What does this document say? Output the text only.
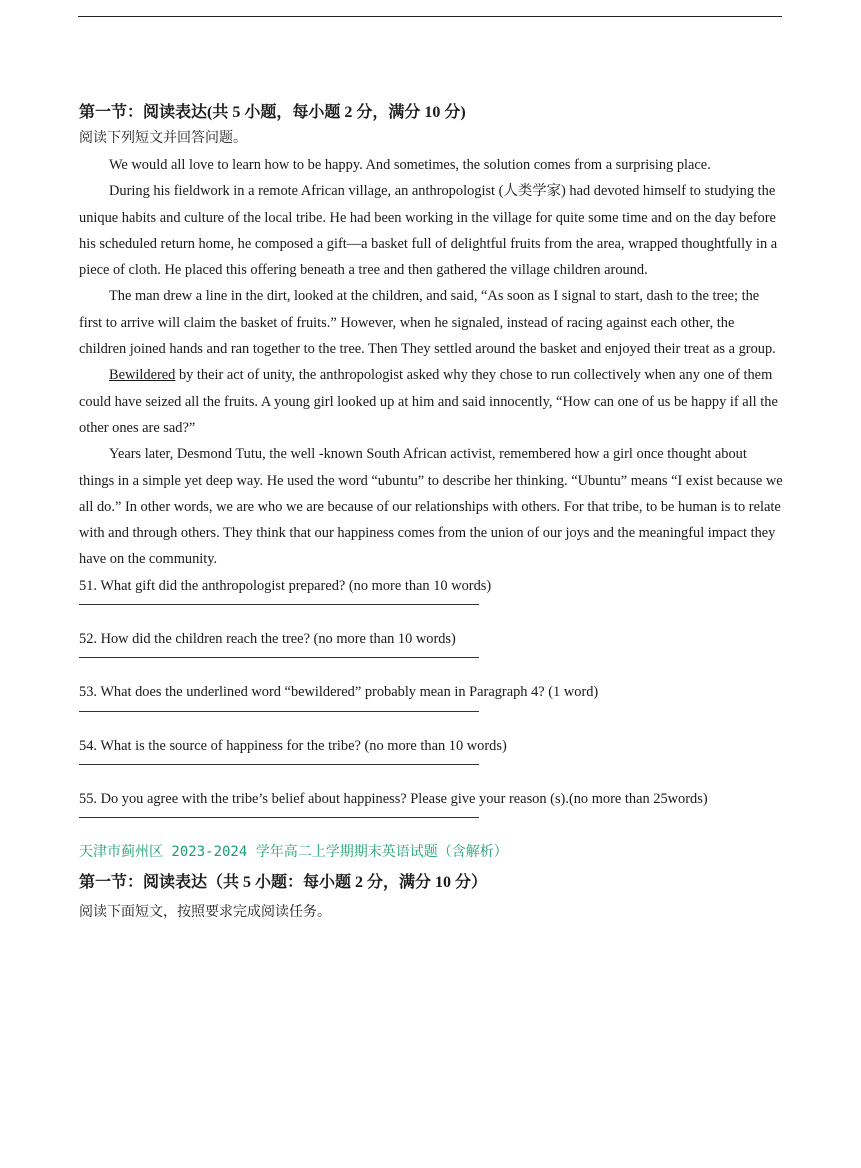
第一节：阅读表达(共 5 小题，每小题 2 分，满分 10 分)

阅读下列短文并回答问题。

We would all love to learn how to be happy. And sometimes, the solution comes from a surprising place.

During his fieldwork in a remote African village, an anthropologist (人类学家) had devoted himself to studying the unique habits and culture of the local tribe. He had been working in the village for quite some time and on the day before his scheduled return home, he composed a gift—a basket full of delightful fruits from the area, wrapped thoughtfully in a piece of cloth. He placed this offering beneath a tree and then gathered the village children around.

The man drew a line in the dirt, looked at the children, and said, “As soon as I signal to start, dash to the tree; the first to arrive will claim the basket of fruits.” However, when he signaled, instead of racing against each other, the children joined hands and ran together to the tree. Then They settled around the basket and enjoyed their treat as a group.

Bewildered by their act of unity, the anthropologist asked why they chose to run collectively when any one of them could have seized all the fruits. A young girl looked up at him and said innocently, “How can one of us be happy if all the other ones are sad?”

Years later, Desmond Tutu, the well -known South African activist, remembered how a girl once thought about things in a simple yet deep way. He used the word “ubuntu” to describe her thinking. “Ubuntu” means “I exist because we all do.” In other words, we are who we are because of our relationships with others. For that tribe, to be human is to relate with and through others. They think that our happiness comes from the union of our joys and the meaningful impact they have on the community.

51. What gift did the anthropologist prepared? (no more than 10 words)

52. How did the children reach the tree? (no more than 10 words)

53. What does the underlined word “bewildered” probably mean in Paragraph 4? (1 word)

54. What is the source of happiness for the tribe? (no more than 10 words)

55. Do you agree with the tribe’s belief about happiness? Please give your reason (s).(no more than 25words)

天津市蓟州区 2023-2024 学年高二上学期期末英语试题（含解析）

第一节：阅读表达（共 5 小题：每小题 2 分，满分 10 分）

阅读下面短文，按照要求完成阅读任务。
